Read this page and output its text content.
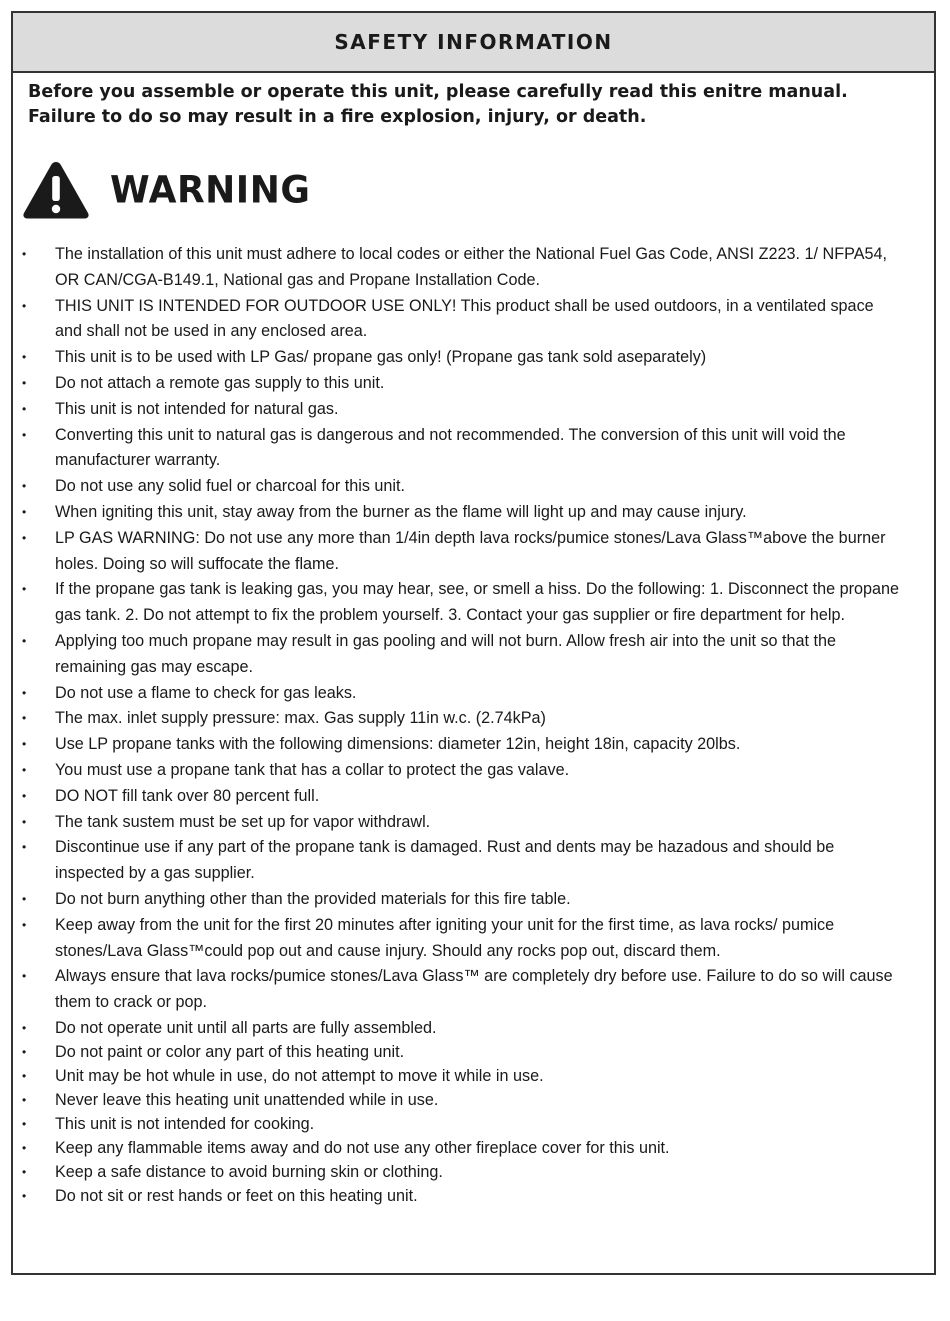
SAFETY INFORMATION

Before you assemble or operate this unit, please carefully read this enitre manual. Failure to do so may result in a fire explosion, injury, or death.

WARNING
• The installation of this unit must adhere to local codes or either the National Fuel Gas Code, ANSI Z223. 1/ NFPA54, OR CAN/CGA-B149.1, National gas and Propane Installation Code.
• THIS UNIT IS INTENDED FOR OUTDOOR USE ONLY! This product shall be used outdoors, in a ventilated space and shall not be used in any enclosed area.
• This unit is to be used with LP Gas/ propane gas only! (Propane gas tank sold aseparately)
• Do not attach a remote gas supply to this unit.
• This unit is not intended for natural gas.
• Converting this unit to natural gas is dangerous and not recommended. The conversion of this unit will void the manufacturer warranty.
• Do not use any solid fuel or charcoal for this unit.
• When igniting this unit, stay away from the burner as the flame will light up and may cause injury.
• LP GAS WARNING: Do not use any more than 1/4in depth lava rocks/pumice stones/Lava Glass™above the burner holes. Doing so will suffocate the flame.
• If the propane gas tank is leaking gas, you may hear, see, or smell a hiss. Do the following: 1. Disconnect the propane gas tank. 2. Do not attempt to fix the problem yourself. 3. Contact your gas supplier or fire department for help.
• Applying too much propane may result in gas pooling and will not burn. Allow fresh air into the unit so that the remaining gas may escape.
• Do not use a flame to check for gas leaks.
• The max. inlet supply pressure: max. Gas supply 11in w.c. (2.74kPa)
• Use LP propane tanks with the following dimensions: diameter 12in, height 18in, capacity 20lbs.
• You must use a propane tank that has a collar to protect the gas valave.
• DO NOT fill tank over 80 percent full.
• The tank sustem must be set up for vapor withdrawl.
• Discontinue use if any part of the propane tank is damaged. Rust and dents may be hazadous and should be inspected by a gas supplier.
• Do not burn anything other than the provided materials for this fire table.
• Keep away from the unit for the first 20 minutes after igniting your unit for the first time, as lava rocks/ pumice stones/Lava Glass™could pop out and cause injury. Should any rocks pop out, discard them.
• Always ensure that lava rocks/pumice stones/Lava Glass™ are completely dry before use. Failure to do so will cause them to crack or pop.
• Do not operate unit until all parts are fully assembled.
• Do not paint or color any part of this heating unit.
• Unit may be hot whule in use, do not attempt to move it while in use.
• Never leave this heating unit unattended while in use.
• This unit is not intended for cooking.
• Keep any flammable items away and do not use any other fireplace cover for this unit.
• Keep a safe distance to avoid burning skin or clothing.
• Do not sit or rest hands or feet on this heating unit.
